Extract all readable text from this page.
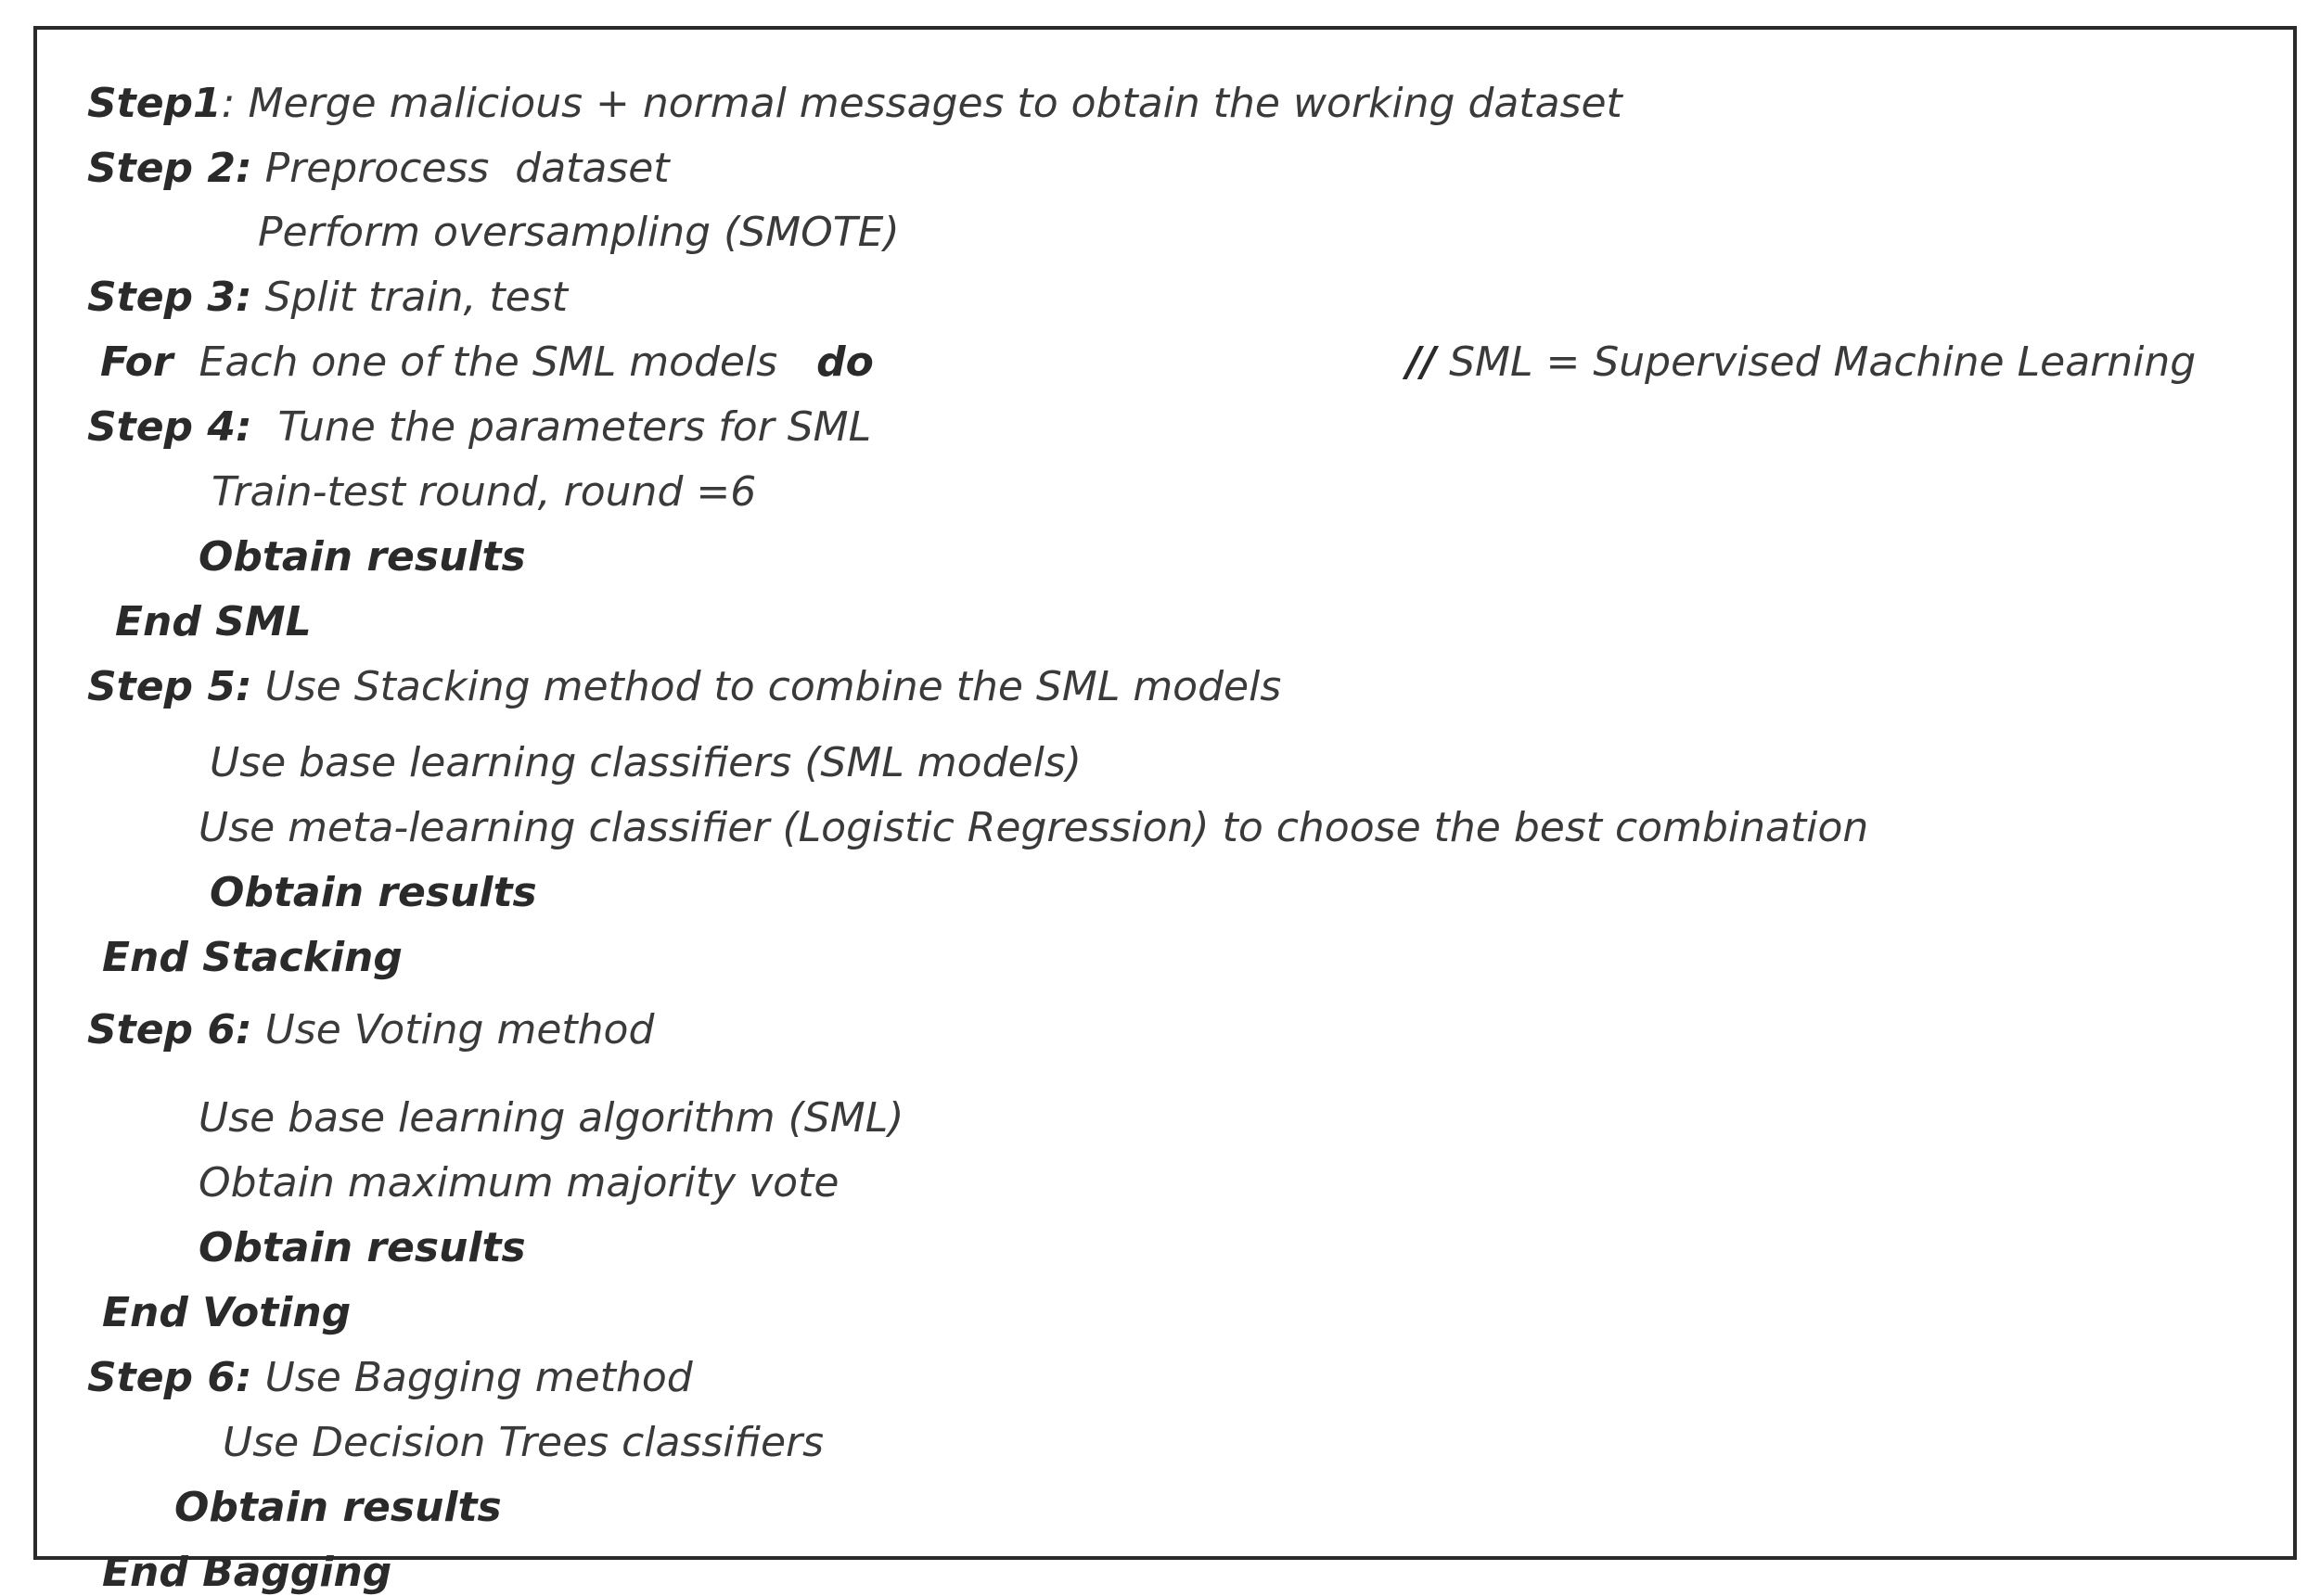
Step1: Merge malicious + normal messages to obtain the working dataset

Step 2: Preprocess  dataset

Perform oversampling (SMOTE)

Step 3: Split train, test

For  Each one of the SML models   do	// SML = Supervised Machine Learning

Step 4:  Tune the parameters for SML

Train-test round, round =6

Obtain results

End SML

Step 5: Use Stacking method to combine the SML models

Use base learning classifiers (SML models)

Use meta-learning classifier (Logistic Regression) to choose the best combination

Obtain results

End Stacking

Step 6: Use Voting method

Use base learning algorithm (SML)

Obtain maximum majority vote

Obtain results

End Voting

Step 6: Use Bagging method

Use Decision Trees classifiers

Obtain results

End Bagging
